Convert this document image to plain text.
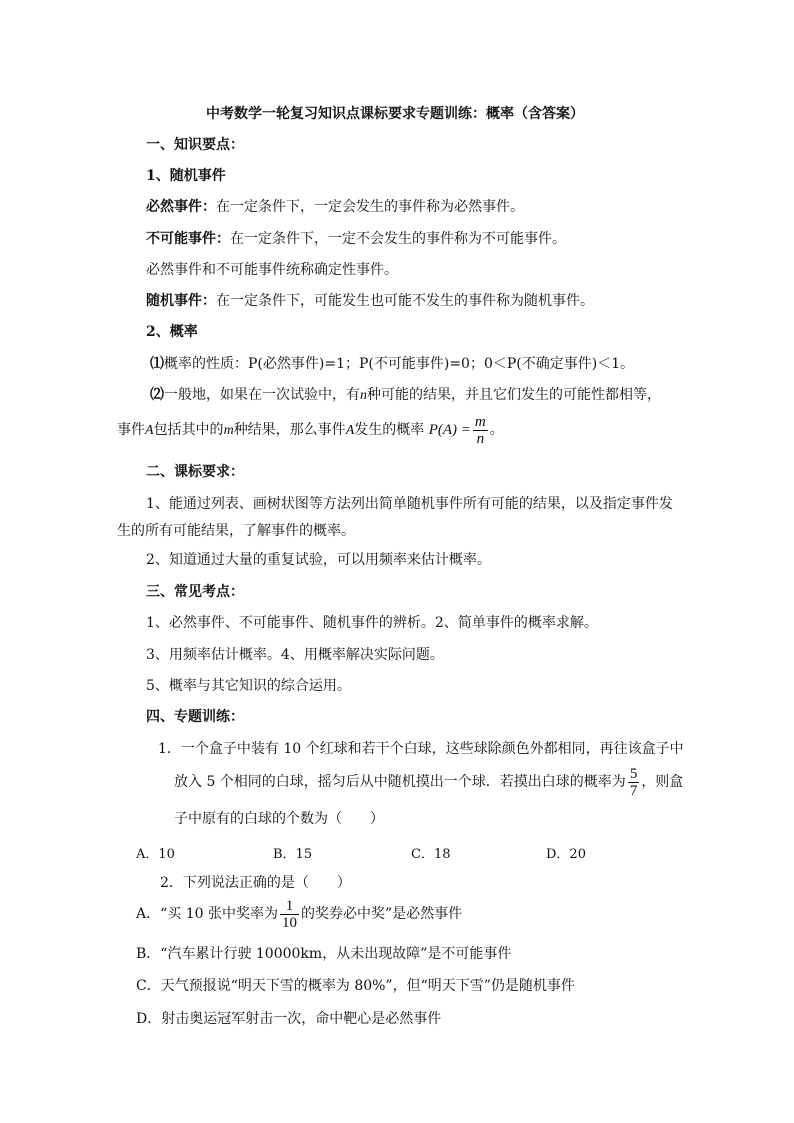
中考数学一轮复习知识点课标要求专题训练：概率（含答案）
一、知识要点：
1、随机事件
必然事件：在一定条件下，一定会发生的事件称为必然事件。
不可能事件：在一定条件下，一定不会发生的事件称为不可能事件。
必然事件和不可能事件统称确定性事件。
随机事件：在一定条件下，可能发生也可能不发生的事件称为随机事件。
2、概率
⑴概率的性质：P(必然事件)=1；P(不可能事件)=0；0＜P(不确定事件)＜1。
⑵一般地，如果在一次试验中，有n种可能的结果，并且它们发生的可能性都相等，
事件A包括其中的m种结果，那么事件A发生的概率 $P(A) = \frac{m}{n}$ 。
二、课标要求：
1、能通过列表、画树状图等方法列出简单随机事件所有可能的结果，以及指定事件发
生的所有可能结果，了解事件的概率。
2、知道通过大量的重复试验，可以用频率来估计概率。
三、常见考点：
1、必然事件、不可能事件、随机事件的辨析。2、简单事件的概率求解。
3、用频率估计概率。4、用概率解决实际问题。
5、概率与其它知识的综合运用。
四、专题训练：
1．一个盒子中装有 10 个红球和若干个白球，这些球除颜色外都相同，再往该盒子中
放入 5 个相同的白球，摇匀后从中随机摸出一个球．若摸出白球的概率为 $\frac{5}{7}$ ，则盒
子中原有的白球的个数为（　　）
A．10	B．15	C．18	D．20
2．下列说法正确的是（　　）
A．“买 10 张中奖率为 $\frac{1}{10}$ 的奖券必中奖”是必然事件
B．“汽车累计行驶 10000km，从未出现故障”是不可能事件
C．天气预报说“明天下雪的概率为 80%”，但“明天下雪”仍是随机事件
D．射击奥运冠军射击一次，命中靶心是必然事件
